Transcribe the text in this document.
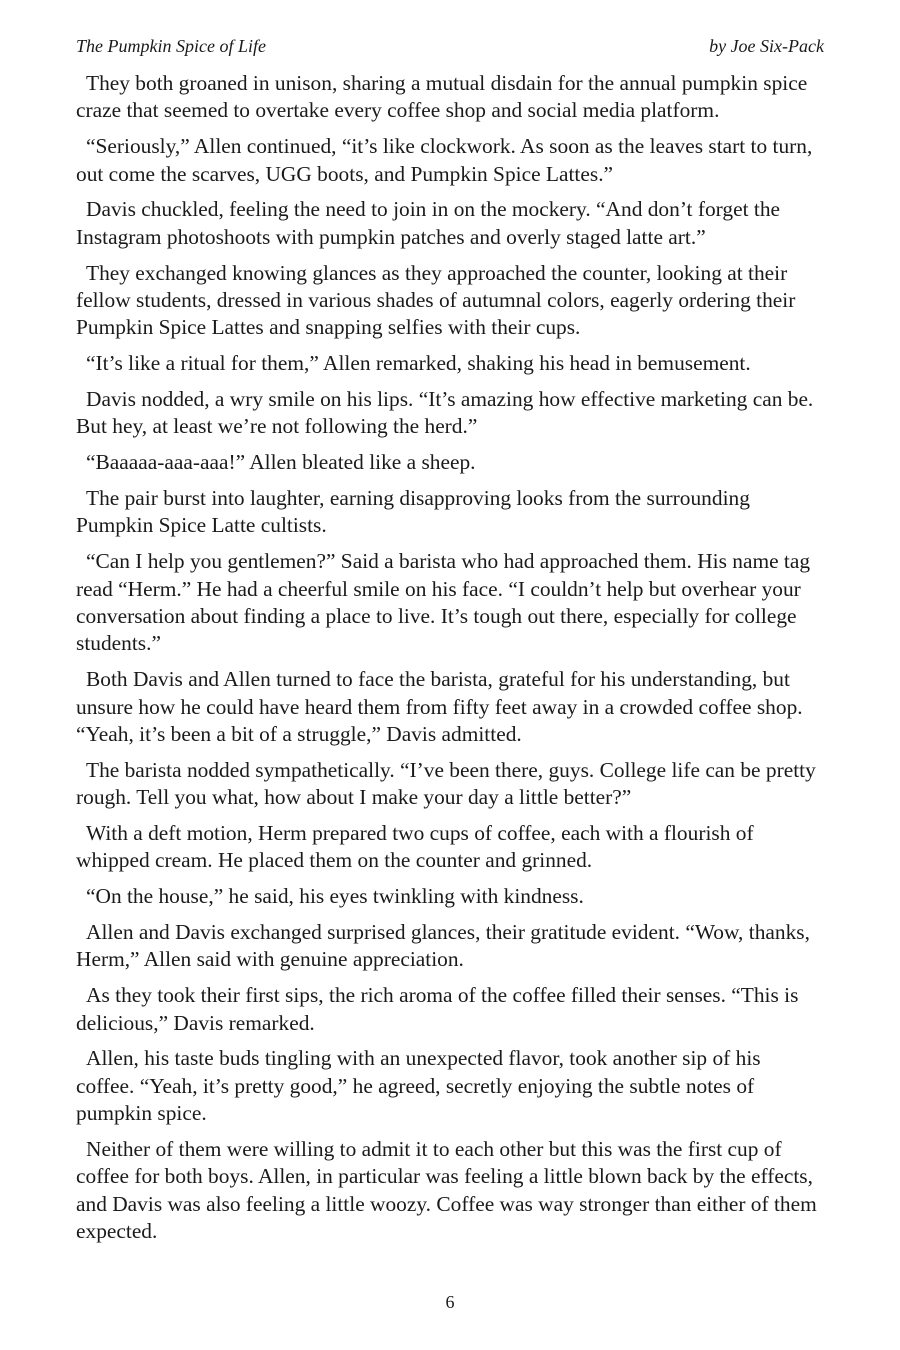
The Pumpkin Spice of Life	by Joe Six-Pack

They both groaned in unison, sharing a mutual disdain for the annual pumpkin spice craze that seemed to overtake every coffee shop and social media platform.

“Seriously,” Allen continued, “it’s like clockwork. As soon as the leaves start to turn, out come the scarves, UGG boots, and Pumpkin Spice Lattes.”

Davis chuckled, feeling the need to join in on the mockery. “And don’t forget the Instagram photoshoots with pumpkin patches and overly staged latte art.”

They exchanged knowing glances as they approached the counter, looking at their fellow students, dressed in various shades of autumnal colors, eagerly ordering their Pumpkin Spice Lattes and snapping selfies with their cups.

“It’s like a ritual for them,” Allen remarked, shaking his head in bemusement.

Davis nodded, a wry smile on his lips. “It’s amazing how effective marketing can be. But hey, at least we’re not following the herd.”

“Baaaaa-aaa-aaa!” Allen bleated like a sheep.

The pair burst into laughter, earning disapproving looks from the surrounding Pumpkin Spice Latte cultists.

“Can I help you gentlemen?” Said a barista who had approached them. His name tag read “Herm.” He had a cheerful smile on his face. “I couldn’t help but overhear your conversation about finding a place to live. It’s tough out there, especially for college students.”

Both Davis and Allen turned to face the barista, grateful for his understanding, but unsure how he could have heard them from fifty feet away in a crowded coffee shop. “Yeah, it’s been a bit of a struggle,” Davis admitted.

The barista nodded sympathetically. “I’ve been there, guys. College life can be pretty rough. Tell you what, how about I make your day a little better?”

With a deft motion, Herm prepared two cups of coffee, each with a flourish of whipped cream. He placed them on the counter and grinned.

“On the house,” he said, his eyes twinkling with kindness.

Allen and Davis exchanged surprised glances, their gratitude evident. “Wow, thanks, Herm,” Allen said with genuine appreciation.

As they took their first sips, the rich aroma of the coffee filled their senses. “This is delicious,” Davis remarked.

Allen, his taste buds tingling with an unexpected flavor, took another sip of his coffee. “Yeah, it’s pretty good,” he agreed, secretly enjoying the subtle notes of pumpkin spice.

Neither of them were willing to admit it to each other but this was the first cup of coffee for both boys. Allen, in particular was feeling a little blown back by the effects, and Davis was also feeling a little woozy. Coffee was way stronger than either of them expected.

6
